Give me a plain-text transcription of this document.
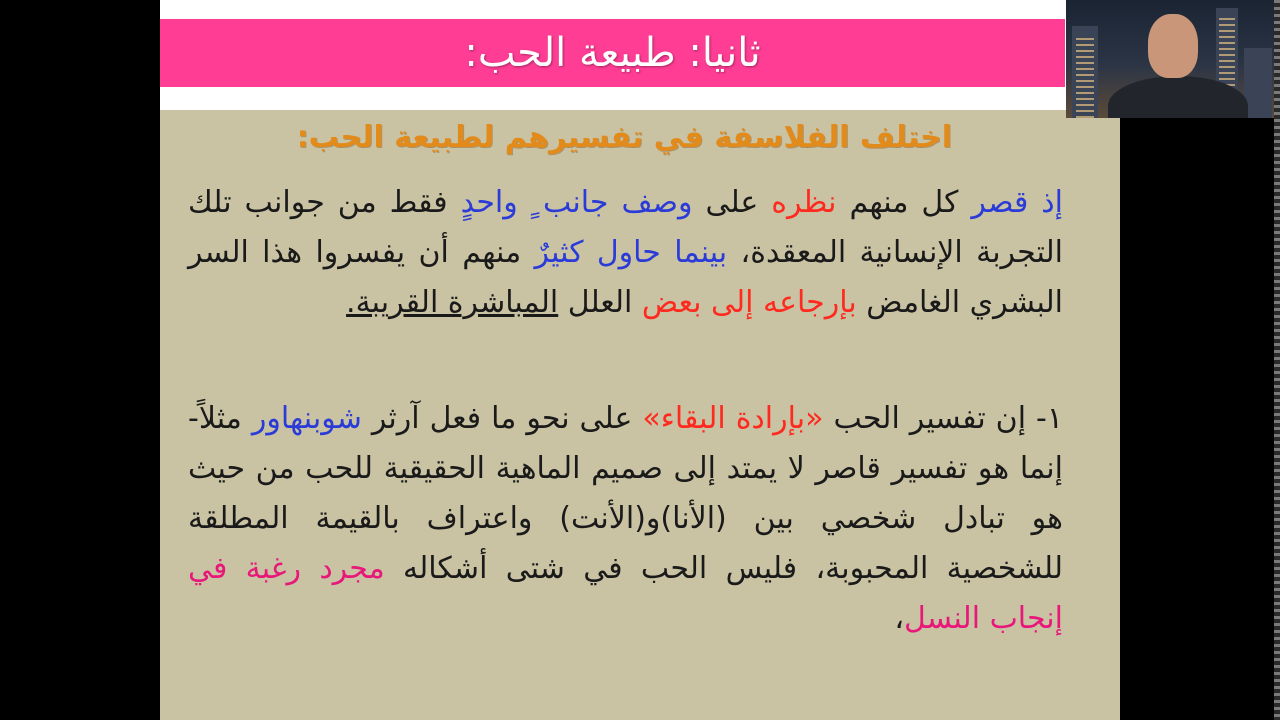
ثانيا: طبيعة الحب:
اختلف الفلاسفة في تفسيرهم لطبيعة الحب:
إذ قصر كل منهم نظره على وصف جانب ٍ واحدٍ فقط من جوانب تلك التجربة الإنسانية المعقدة، بينما حاول كثيرٌ منهم أن يفسروا هذا السر البشري الغامض بإرجاعه إلى بعض العلل المباشرة القريبة.
١- إن تفسير الحب «بإرادة البقاء» على نحو ما فعل آرثر شوبنهاور مثلاً- إنما هو تفسير قاصر لا يمتد إلى صميم الماهية الحقيقية للحب من حيث هو تبادل شخصي بين (الأنا)و(الأنت) واعتراف بالقيمة المطلقة للشخصية المحبوبة، فليس الحب في شتى أشكاله مجرد رغبة في إنجاب النسل،
